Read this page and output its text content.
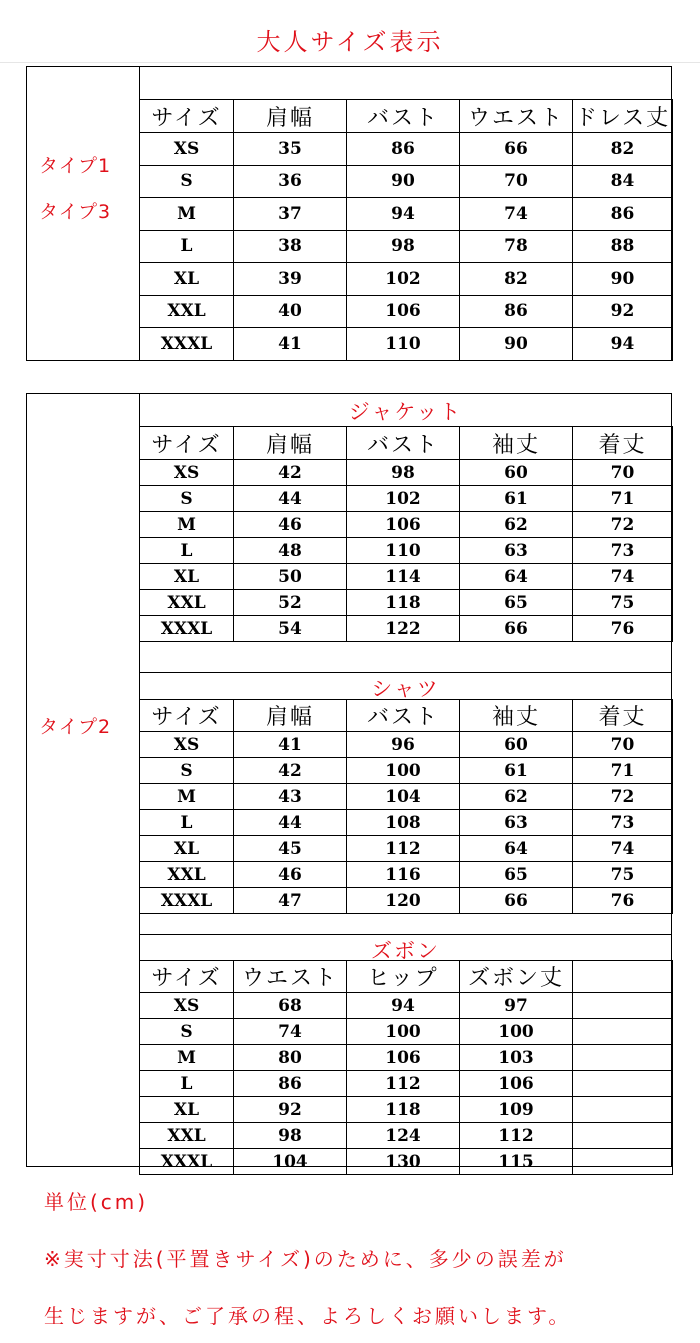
大人サイズ表示
タイプ1
タイプ3
サイズ	肩幅	バスト	ウエスト	ドレス丈
XS	35	86	66	82
S	36	90	70	84
M	37	94	74	86
L	38	98	78	88
XL	39	102	82	90
XXL	40	106	86	92
XXXL	41	110	90	94
タイプ2
ジャケット
サイズ	肩幅	バスト	袖丈	着丈
XS	42	98	60	70
S	44	102	61	71
M	46	106	62	72
L	48	110	63	73
XL	50	114	64	74
XXL	52	118	65	75
XXXL	54	122	66	76
シャツ
サイズ	肩幅	バスト	袖丈	着丈
XS	41	96	60	70
S	42	100	61	71
M	43	104	62	72
L	44	108	63	73
XL	45	112	64	74
XXL	46	116	65	75
XXXL	47	120	66	76
ズボン
サイズ	ウエスト	ヒップ	ズボン丈	
XS	68	94	97	
S	74	100	100	
M	80	106	103	
L	86	112	106	
XL	92	118	109	
XXL	98	124	112	
XXXL	104	130	115	
単位(cm)
※実寸寸法(平置きサイズ)のために、多少の誤差が
生じますが、ご了承の程、よろしくお願いします。
